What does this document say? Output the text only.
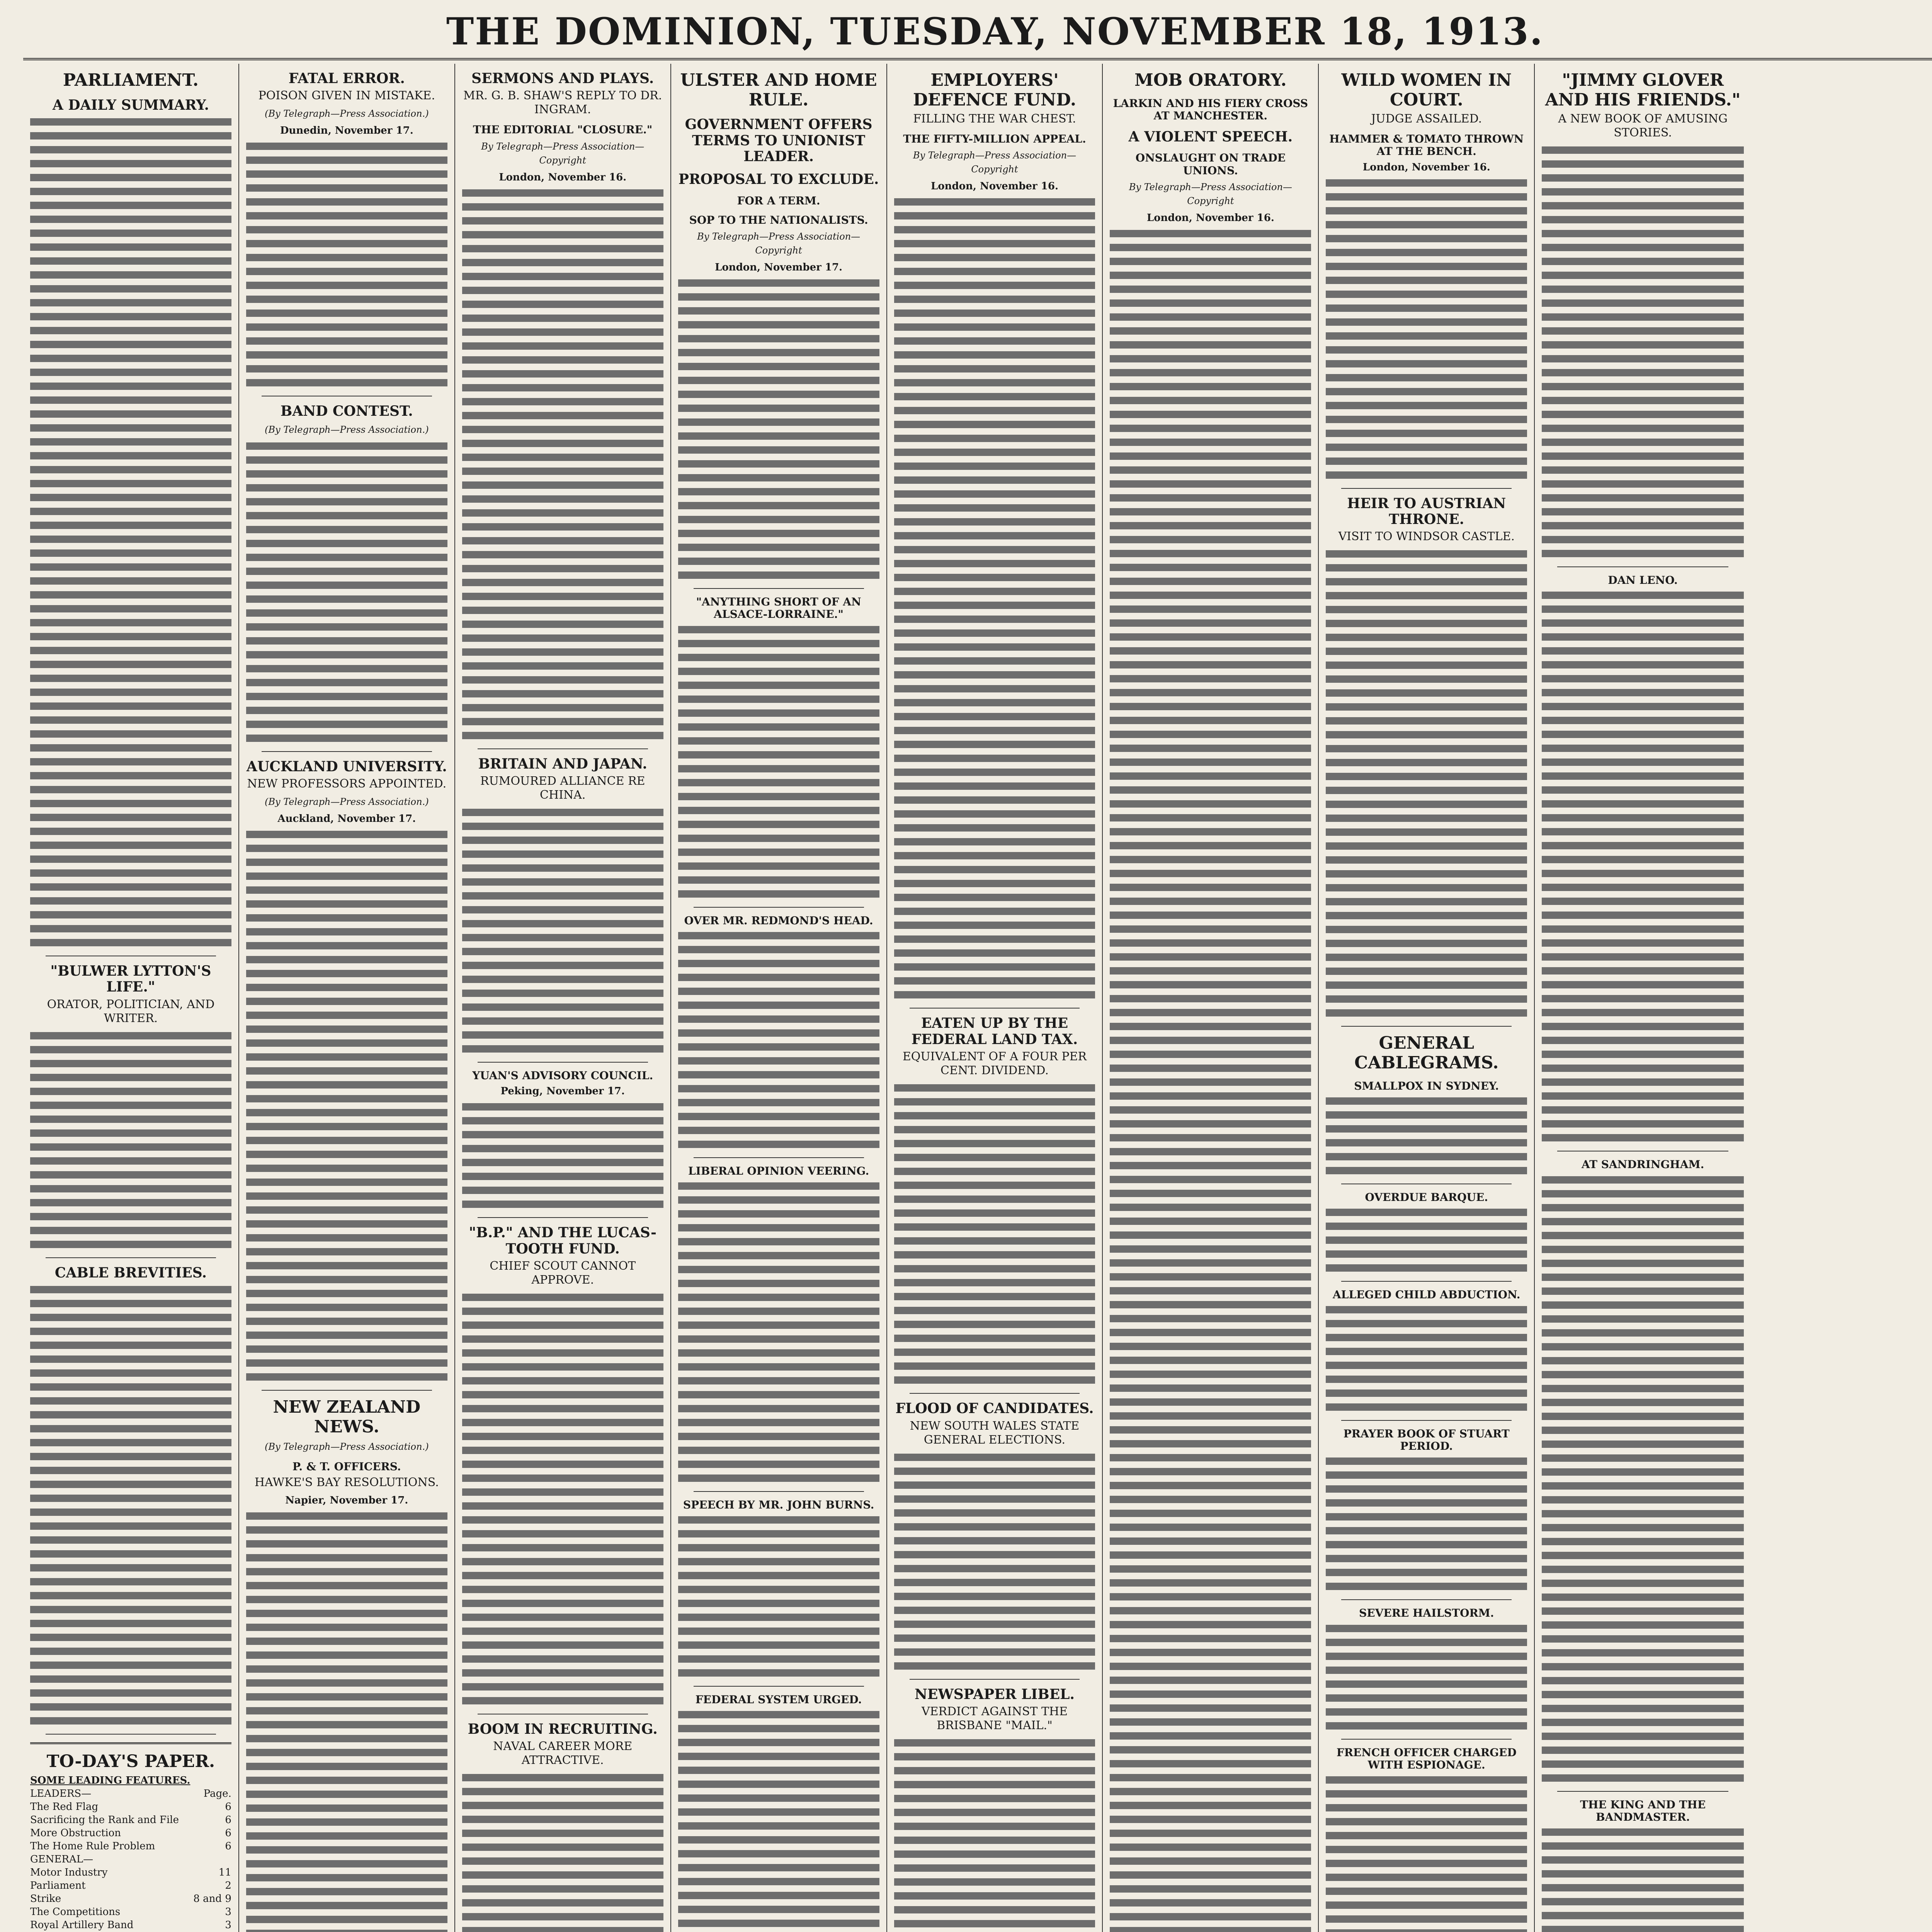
THE DOMINION, TUESDAY, NOVEMBER 18, 1913.
PARLIAMENT.
A DAILY SUMMARY.
"BULWER LYTTON'S LIFE."
ORATOR, POLITICIAN, AND WRITER.
CABLE BREVITIES.
TO-DAY'S PAPER.
SOME LEADING FEATURES.
LEADERS—	Page.
The Red Flag	6
Sacrificing the Rank and File	6
More Obstruction	6
The Home Rule Problem	6
GENERAL—
Motor Industry	11
Parliament	2
Strike	8 and 9
The Competitions	3
Royal Artillery Band	3
FATAL ERROR.
POISON GIVEN IN MISTAKE.
(By Telegraph—Press Association.)
Dunedin, November 17.
BAND CONTEST.
(By Telegraph—Press Association.)
AUCKLAND UNIVERSITY.
NEW PROFESSORS APPOINTED.
(By Telegraph—Press Association.)
Auckland, November 17.
NEW ZEALAND NEWS.
(By Telegraph—Press Association.)
P. & T. OFFICERS.
HAWKE'S BAY RESOLUTIONS.
Napier, November 17.
SERMONS AND PLAYS.
MR. G. B. SHAW'S REPLY TO DR. INGRAM.
THE EDITORIAL "CLOSURE."
By Telegraph—Press Association—Copyright
London, November 16.
BRITAIN AND JAPAN.
RUMOURED ALLIANCE RE CHINA.
YUAN'S ADVISORY COUNCIL.
Peking, November 17.
"B.P." AND THE LUCAS-TOOTH FUND.
CHIEF SCOUT CANNOT APPROVE.
BOOM IN RECRUITING.
NAVAL CAREER MORE ATTRACTIVE.
ULSTER AND HOME RULE.
GOVERNMENT OFFERS TERMS TO UNIONIST LEADER.
PROPOSAL TO EXCLUDE.
FOR A TERM.
SOP TO THE NATIONALISTS.
By Telegraph—Press Association—Copyright
London, November 17.
"ANYTHING SHORT OF AN ALSACE-LORRAINE."
OVER MR. REDMOND'S HEAD.
LIBERAL OPINION VEERING.
SPEECH BY MR. JOHN BURNS.
FEDERAL SYSTEM URGED.
EMPLOYERS' DEFENCE FUND.
FILLING THE WAR CHEST.
THE FIFTY-MILLION APPEAL.
By Telegraph—Press Association—Copyright
London, November 16.
EATEN UP BY THE FEDERAL LAND TAX.
EQUIVALENT OF A FOUR PER CENT. DIVIDEND.
FLOOD OF CANDIDATES.
NEW SOUTH WALES STATE GENERAL ELECTIONS.
NEWSPAPER LIBEL.
VERDICT AGAINST THE BRISBANE "MAIL."
MOB ORATORY.
LARKIN AND HIS FIERY CROSS AT MANCHESTER.
A VIOLENT SPEECH.
ONSLAUGHT ON TRADE UNIONS.
By Telegraph—Press Association—Copyright
London, November 16.
WILD WOMEN IN COURT.
JUDGE ASSAILED.
HAMMER & TOMATO THROWN AT THE BENCH.
London, November 16.
HEIR TO AUSTRIAN THRONE.
VISIT TO WINDSOR CASTLE.
GENERAL CABLEGRAMS.
SMALLPOX IN SYDNEY.
OVERDUE BARQUE.
ALLEGED CHILD ABDUCTION.
PRAYER BOOK OF STUART PERIOD.
SEVERE HAILSTORM.
FRENCH OFFICER CHARGED WITH ESPIONAGE.
"JIMMY GLOVER AND HIS FRIENDS."
A NEW BOOK OF AMUSING STORIES.
DAN LENO.
AT SANDRINGHAM.
THE KING AND THE BANDMASTER.
